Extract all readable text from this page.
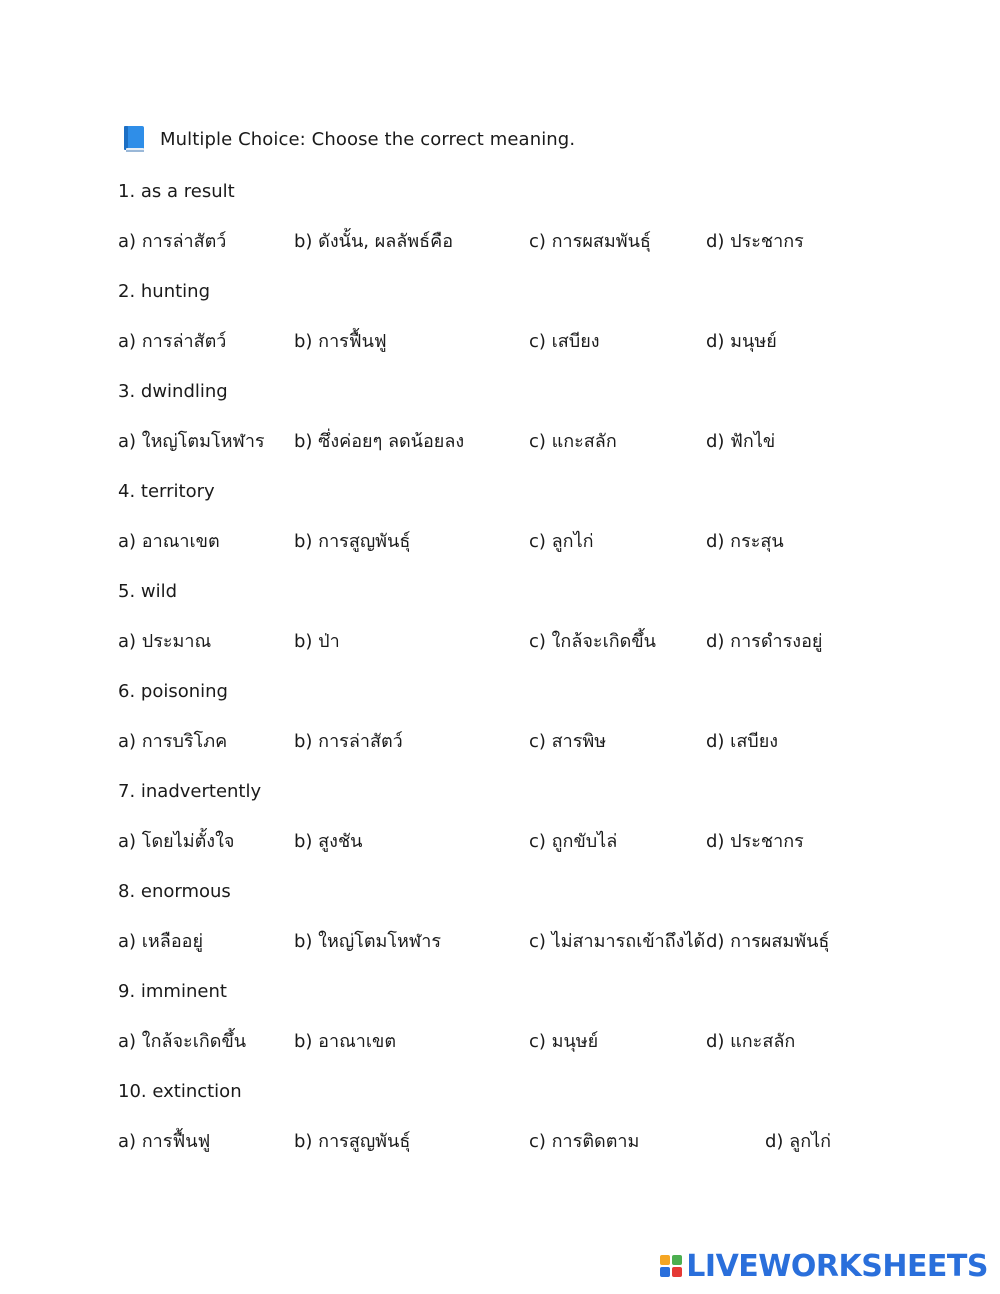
Multiple Choice: Choose the correct meaning.
1. as a result
a) การล่าสัตว์	b) ดังนั้น, ผลลัพธ์คือ	c) การผสมพันธุ์	d) ประชากร
2. hunting
a) การล่าสัตว์	b) การฟื้นฟู	c) เสบียง	d) มนุษย์
3. dwindling
a) ใหญ่โตมโหฬาร b) ซึ่งค่อยๆ ลดน้อยลง	c) แกะสลัก	d) ฟักไข่
4. territory
a) อาณาเขต	b) การสูญพันธุ์	c) ลูกไก่	d) กระสุน
5. wild
a) ประมาณ	b) ป่า	c) ใกล้จะเกิดขึ้น	d) การดำรงอยู่
6. poisoning
a) การบริโภค	b) การล่าสัตว์	c) สารพิษ	d) เสบียง
7. inadvertently
a) โดยไม่ตั้งใจ	b) สูงชัน	c) ถูกขับไล่	d) ประชากร
8. enormous
a) เหลืออยู่	b) ใหญ่โตมโหฬาร	c) ไม่สามารถเข้าถึงได้ d) การผสมพันธุ์
9. imminent
a) ใกล้จะเกิดขึ้น	b) อาณาเขต	c) มนุษย์	d) แกะสลัก
10. extinction
a) การฟื้นฟู	b) การสูญพันธุ์	c) การติดตาม	d) ลูกไก่
LIVEWORKSHEETS
